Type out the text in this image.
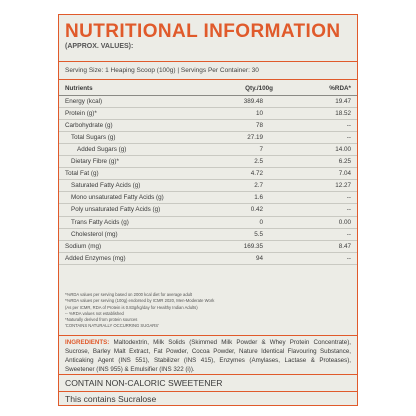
NUTRITIONAL INFORMATION
(APPROX. VALUES):
Serving Size: 1 Heaping Scoop (100g) | Servings Per Container: 30
Nutrients	Qty./100g	%RDA*
Energy (kcal)	389.48	19.47
Protein (g)*	10	18.52
Carbohydrate (g)	78	--
Total Sugars (g)	27.19	--
Added Sugars (g)	7	14.00
Dietary Fibre (g)*	2.5	6.25
Total Fat (g)	4.72	7.04
Saturated Fatty Acids (g)	2.7	12.27
Mono unsaturated Fatty Acids (g)	1.6	--
Poly unsaturated Fatty Acids (g)	0.42	--
Trans Fatty Acids (g)	0	0.00
Cholesterol (mg)	5.5	--
Sodium (mg)	169.35	8.47
Added Enzymes (mg)	94	--
*%RDA values per serving based on 2000 kcal diet for average adult
*%RDA values per serving (100g) endorsed by ICMR 2020, Men-Moderate Work
(As per ICMR, RDA of Protein is 0.83g/kg/day for Healthy Indian Adults)
-- %RDA values not established
*Naturally derived from protein sources
'CONTAINS NATURALLY OCCURRING SUGARS'
INGREDIENTS: Maltodextrin, Milk Solids (Skimmed Milk Powder & Whey Protein Concentrate), Sucrose, Barley Malt Extract, Fat Powder, Cocoa Powder, Nature Identical Flavouring Substance, Anticaking Agent (INS 551), Stabilizer (INS 415), Enzymes (Amylases, Lactase & Proteases), Sweetener (INS 955) & Emulsifier (INS 322 (i)).
CONTAIN NON-CALORIC SWEETENER
This contains Sucralose
